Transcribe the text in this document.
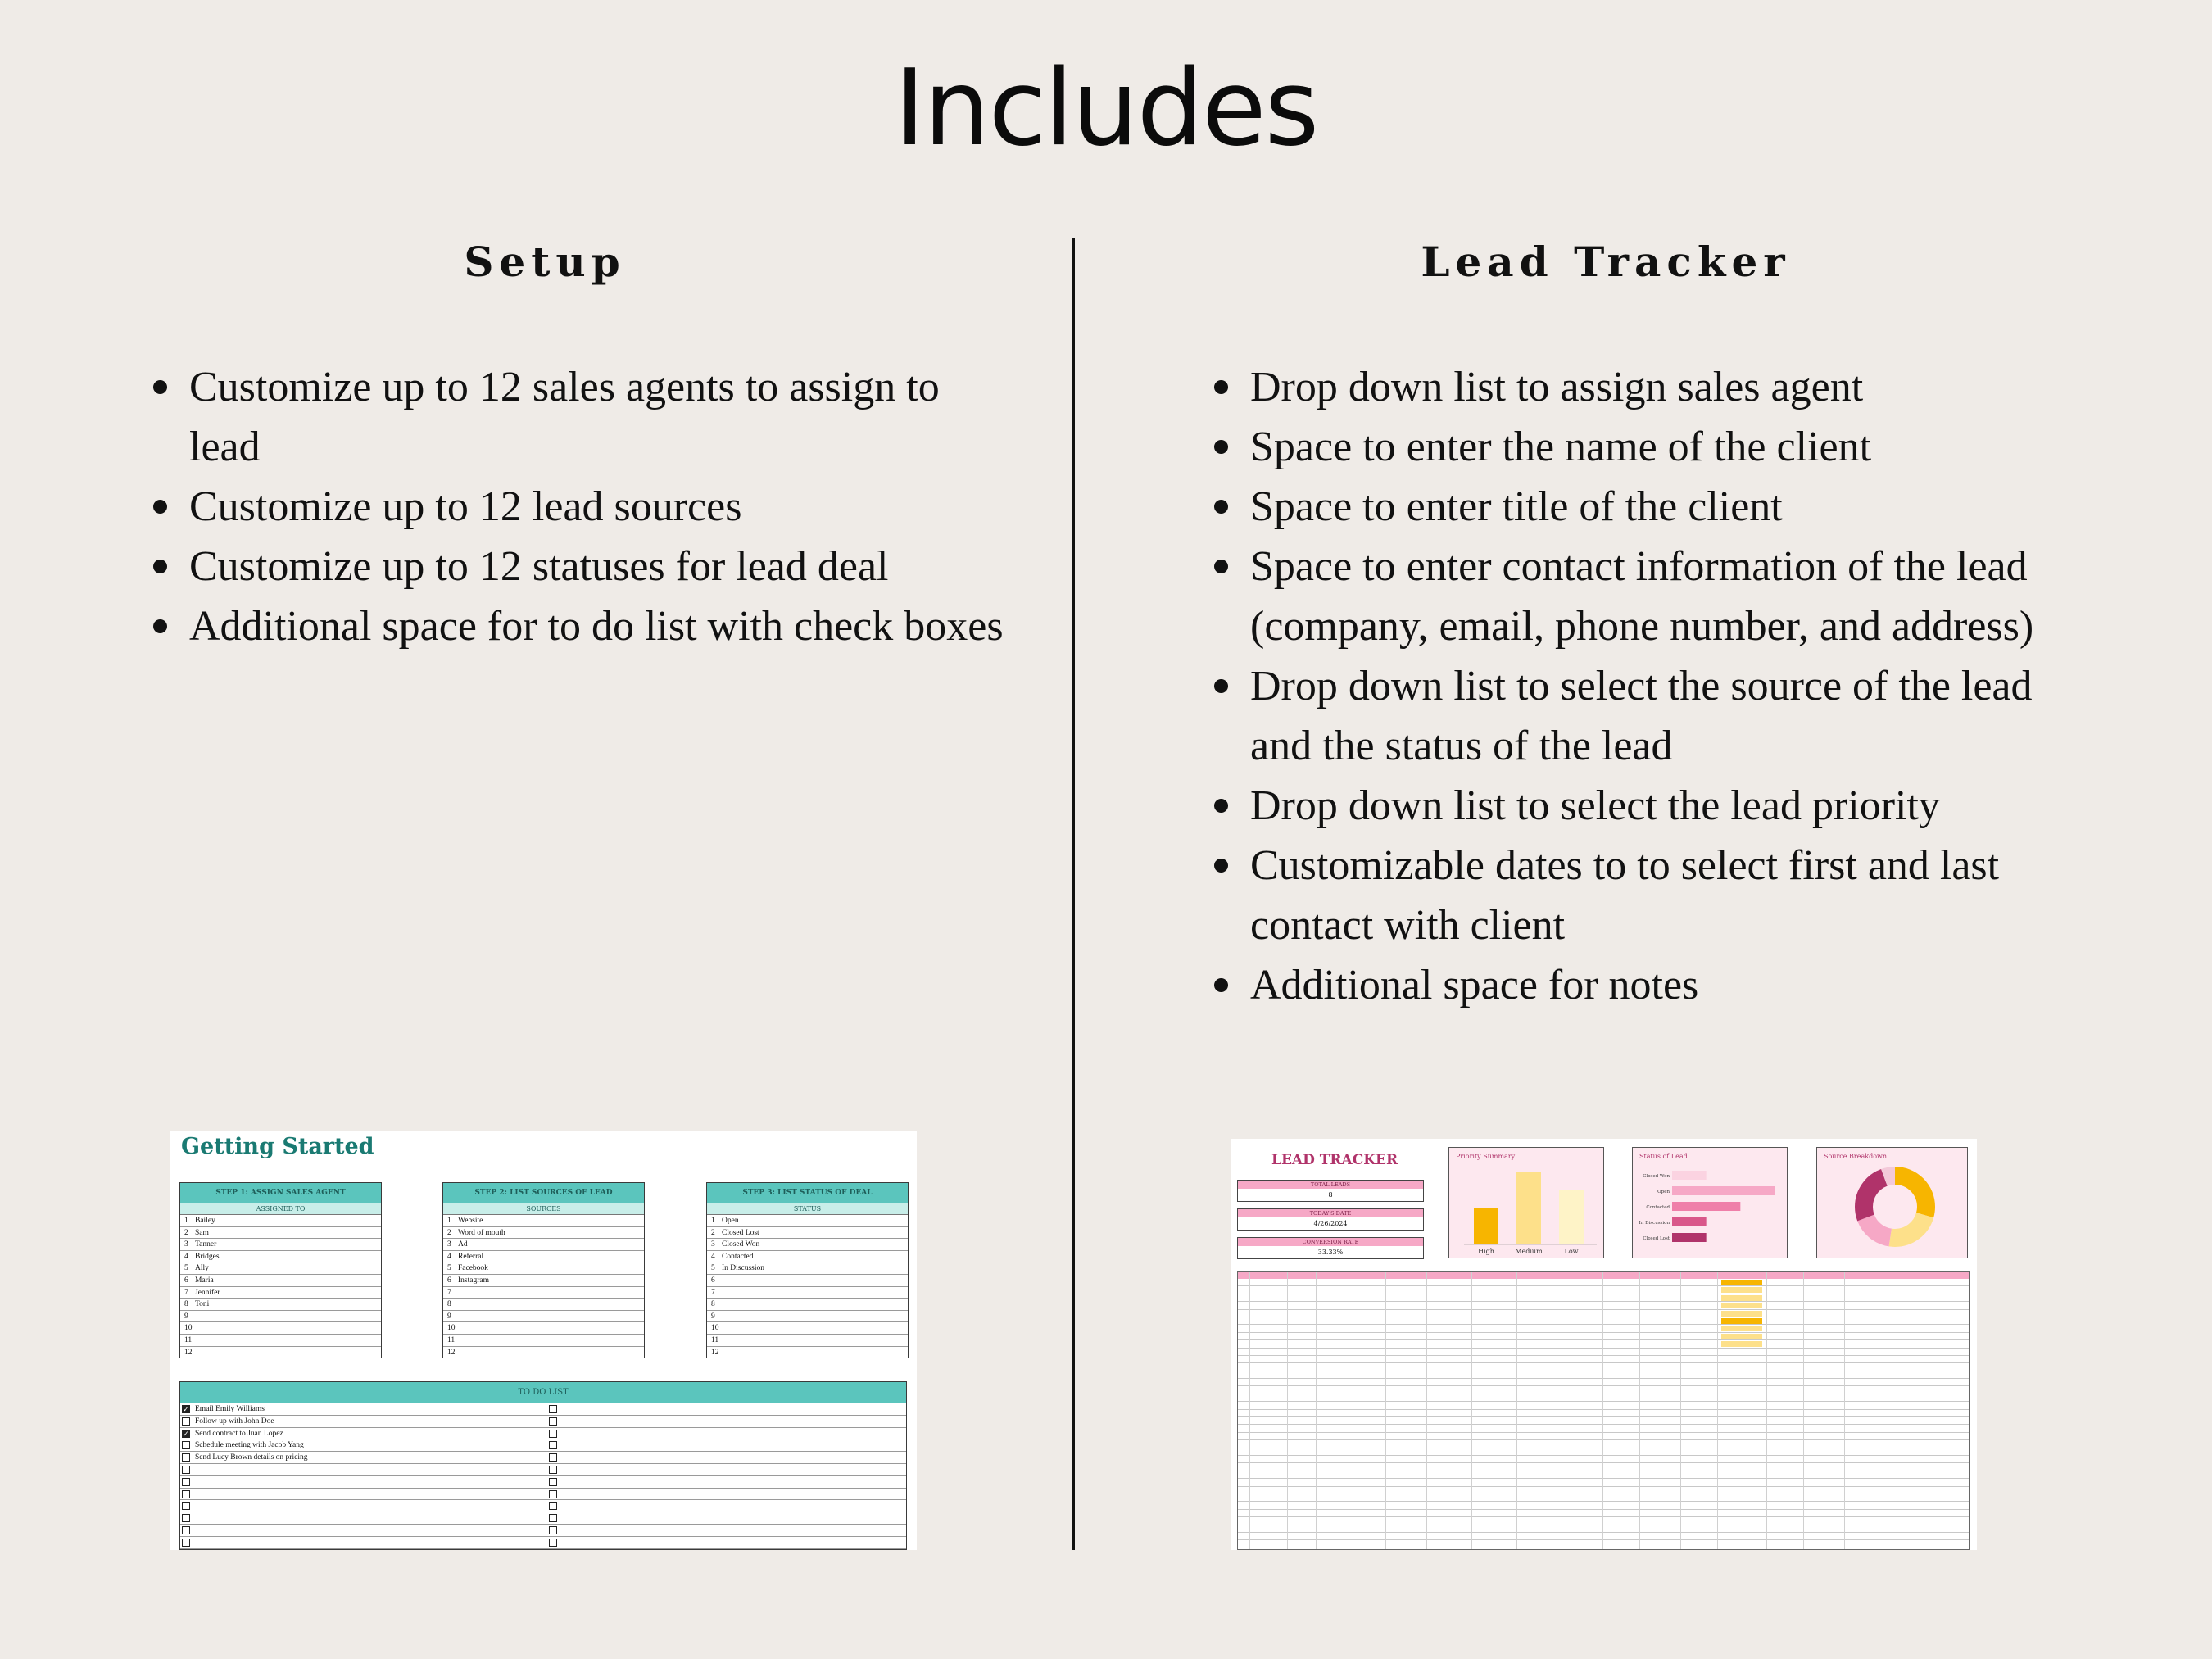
Includes
Setup	Lead Tracker
Customize up to 12 sales agents to assign to lead
Customize up to 12 lead sources
Customize up to 12 statuses for lead deal
Additional space for to do list with check boxes
Drop down list to assign sales agent
Space to enter the name of the client
Space to enter title of the client
Space to enter contact information of the lead (company, email, phone number, and address)
Drop down list to select the source of the lead and the status of the lead
Drop down list to select the lead priority
Customizable dates to to select first and last contact with client
Additional space for notes
Getting Started
STEP 1: ASSIGN SALES AGENT
ASSIGNED TO
1 Bailey
2 Sam
3 Tanner
4 Bridges
5 Ally
6 Maria
7 Jennifer
8 Toni
9
10
11
12
STEP 2: LIST SOURCES OF LEAD
SOURCES
1 Website
2 Word of mouth
3 Ad
4 Referral
5 Facebook
6 Instagram
7
8
9
10
11
12
STEP 3: LIST STATUS OF DEAL
STATUS
1 Open
2 Closed Lost
3 Closed Won
4 Contacted
5 In Discussion
6
7
8
9
10
11
12
TO DO LIST
✓ Email Emily Williams
Follow up with John Doe
✓ Send contract to Juan Lopez
Schedule meeting with Jacob Yang
Send Lucy Brown details on pricing
LEAD TRACKER
TOTAL LEADS
8
TODAY'S DATE
4/26/2024
CONVERSION RATE
33.33%
Priority Summary
High	Medium	Low
Status of Lead
Closed Won
Open
Contacted
In Discussion
Closed Lost
Source Breakdown
